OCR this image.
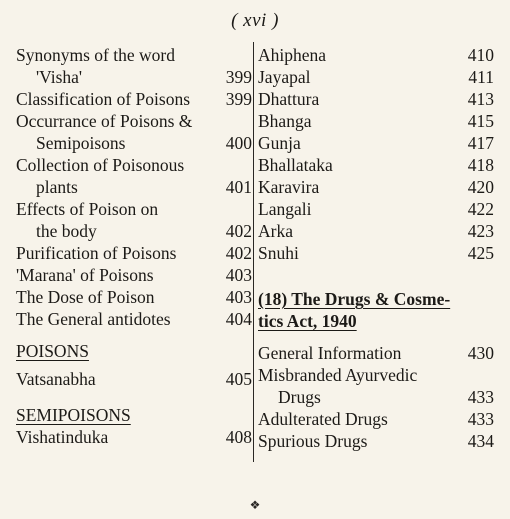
( xvi )
Synonyms of the word
'Visha'	399
Classification of Poisons	399
Occurrance of Poisons &
Semipoisons	400
Collection of Poisonous
plants	401
Effects of Poison on
the body	402
Purification of Poisons	402
'Marana' of Poisons	403
The Dose of Poison	403
The General antidotes	404
POISONS
Vatsanabha	405
SEMIPOISONS
Vishatinduka	408
Ahiphena	410
Jayapal	411
Dhattura	413
Bhanga	415
Gunja	417
Bhallataka	418
Karavira	420
Langali	422
Arka	423
Snuhi	425
(18) The Drugs & Cosme-
tics Act, 1940
General Information	430
Misbranded Ayurvedic
Drugs	433
Adulterated Drugs	433
Spurious Drugs	434
❖
